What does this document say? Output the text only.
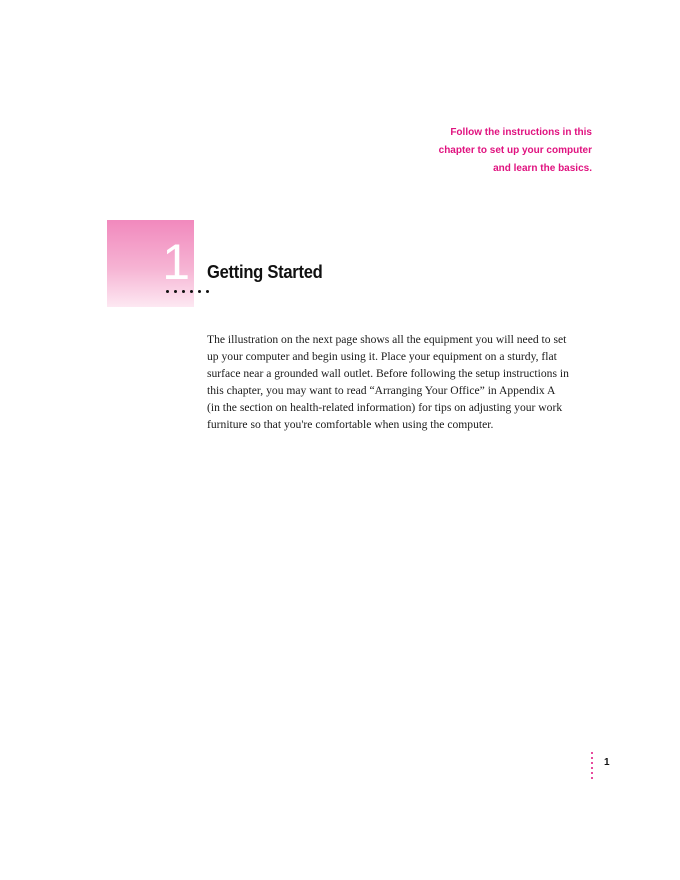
Follow the instructions in this
chapter to set up your computer
and learn the basics.
1 Getting Started
The illustration on the next page shows all the equipment you will need to set
up your computer and begin using it. Place your equipment on a sturdy, flat
surface near a grounded wall outlet. Before following the setup instructions in
this chapter, you may want to read “Arranging Your Office” in Appendix A
(in the section on health-related information) for tips on adjusting your work
furniture so that you're comfortable when using the computer.
1
